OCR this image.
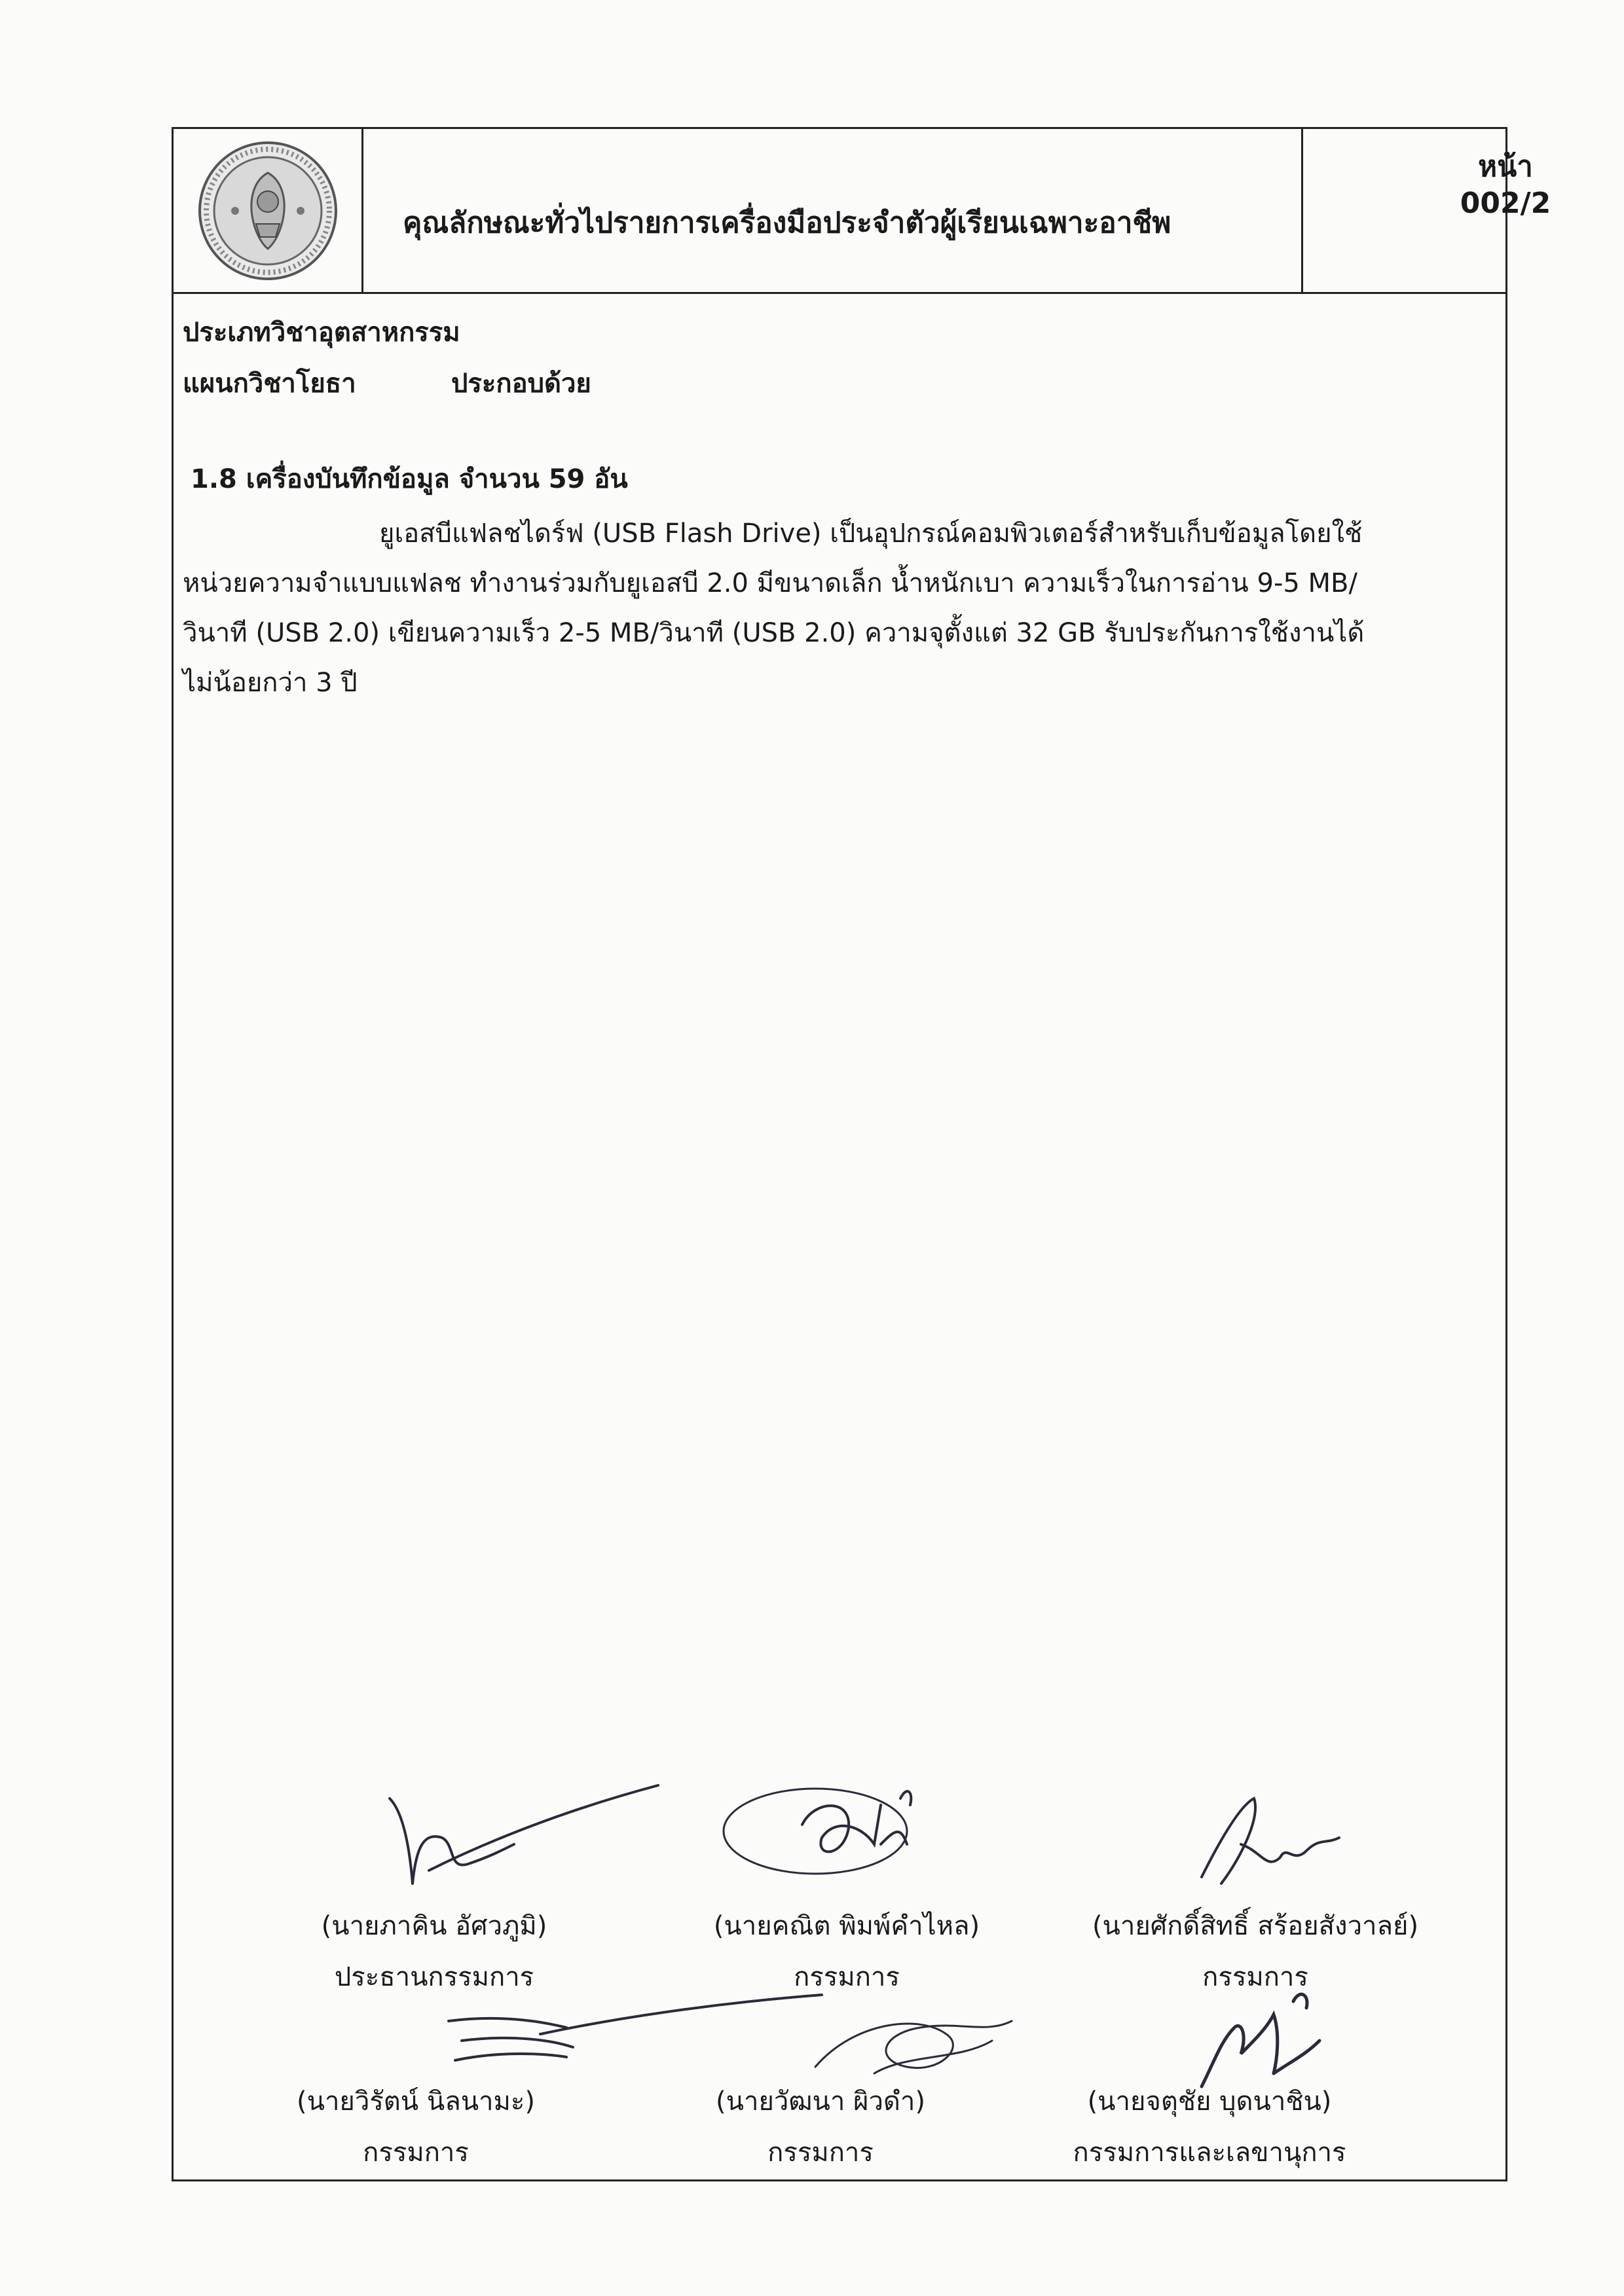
คุณลักษณะทั่วไปรายการเครื่องมือประจำตัวผู้เรียนเฉพาะอาชีพ
หน้า
002/2
ประเภทวิชาอุตสาหกรรม
แผนกวิชาโยธา	ประกอบด้วย
1.8 เครื่องบันทึกข้อมูล จำนวน 59 อัน
ยูเอสบีแฟลชไดร์ฟ (USB Flash Drive) เป็นอุปกรณ์คอมพิวเตอร์สำหรับเก็บข้อมูลโดยใช้
หน่วยความจำแบบแฟลช ทำงานร่วมกับยูเอสบี 2.0 มีขนาดเล็ก น้ำหนักเบา ความเร็วในการอ่าน 9-5 MB/
วินาที (USB 2.0) เขียนความเร็ว 2-5 MB/วินาที (USB 2.0) ความจุตั้งแต่ 32 GB รับประกันการใช้งานได้
ไม่น้อยกว่า 3 ปี
(นายภาคิน อัศวภูมิ)
ประธานกรรมการ
(นายคณิต พิมพ์คำไหล)
กรรมการ
(นายศักดิ์สิทธิ์ สร้อยสังวาลย์)
กรรมการ
(นายวิรัตน์ นิลนามะ)
กรรมการ
(นายวัฒนา ผิวดำ)
กรรมการ
(นายจตุชัย บุดนาชิน)
กรรมการและเลขานุการ
